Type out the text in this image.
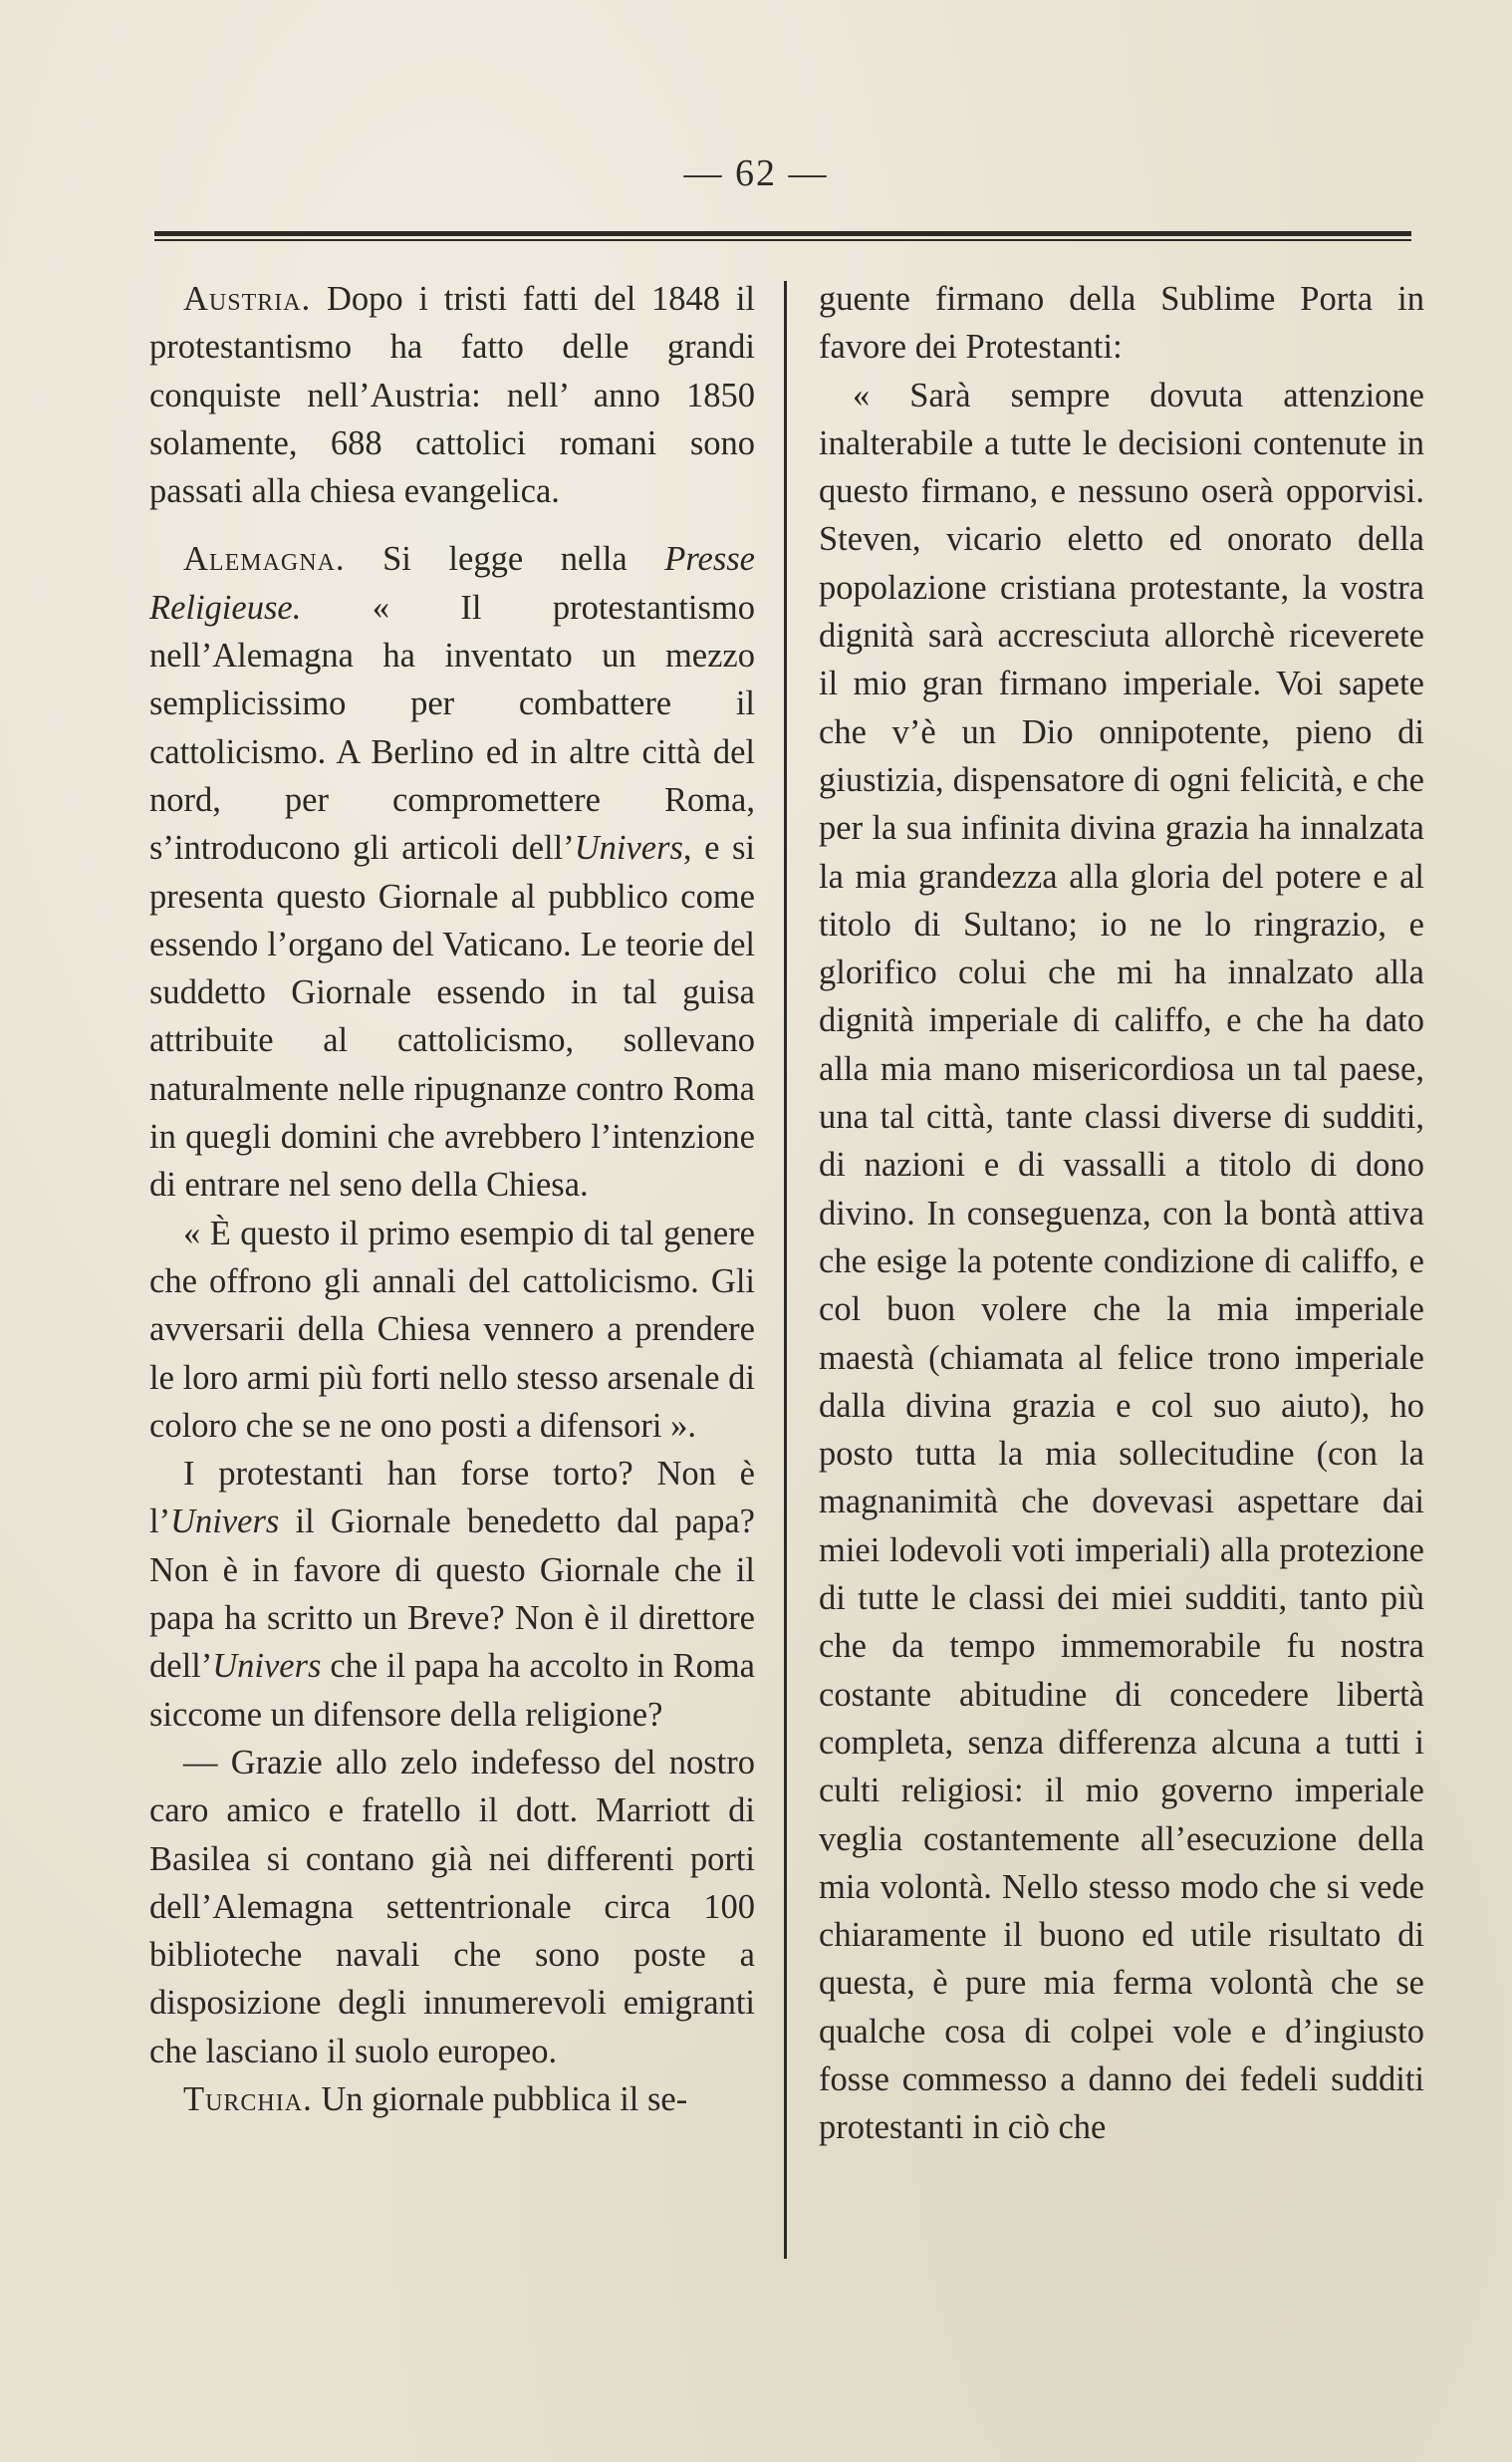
— 62 —

Austria. Dopo i tristi fatti del 1848 il protestantismo ha fatto delle grandi conquiste nell’Austria: nell’ anno 1850 solamente, 688 cattolici romani sono passati alla chiesa evangelica.

Alemagna. Si legge nella Presse Religieuse. « Il protestantismo nell’Alemagna ha inventato un mezzo semplicissimo per combattere il cattolicismo. A Berlino ed in altre città del nord, per compromettere Roma, s’introducono gli articoli dell’Univers, e si presenta questo Giornale al pubblico come essendo l’organo del Vaticano. Le teorie del suddetto Giornale essendo in tal guisa attribuite al cattolicismo, sollevano naturalmente nelle ripugnanze contro Roma in quegli domini che avrebbero l’intenzione di entrare nel seno della Chiesa.

« È questo il primo esempio di tal genere che offrono gli annali del cattolicismo. Gli avversarii della Chiesa vennero a prendere le loro armi più forti nello stesso arsenale di coloro che se ne ono posti a difensori ».

I protestanti han forse torto? Non è l’Univers il Giornale benedetto dal papa? Non è in favore di questo Giornale che il papa ha scritto un Breve? Non è il direttore dell’Univers che il papa ha accolto in Roma siccome un difensore della religione?

— Grazie allo zelo indefesso del nostro caro amico e fratello il dott. Marriott di Basilea si contano già nei differenti porti dell’Alemagna settentrionale circa 100 biblioteche navali che sono poste a disposizione degli innumerevoli emigranti che lasciano il suolo europeo.

Turchia. Un giornale pubblica il se-

guente firmano della Sublime Porta in favore dei Protestanti:

« Sarà sempre dovuta attenzione inalterabile a tutte le decisioni contenute in questo firmano, e nessuno oserà opporvisi. Steven, vicario eletto ed onorato della popolazione cristiana protestante, la vostra dignità sarà accresciuta allorchè riceverete il mio gran firmano imperiale. Voi sapete che v’è un Dio onnipotente, pieno di giustizia, dispensatore di ogni felicità, e che per la sua infinita divina grazia ha innalzata la mia grandezza alla gloria del potere e al titolo di Sultano; io ne lo ringrazio, e glorifico colui che mi ha innalzato alla dignità imperiale di califfo, e che ha dato alla mia mano misericordiosa un tal paese, una tal città, tante classi diverse di sudditi, di nazioni e di vassalli a titolo di dono divino. In conseguenza, con la bontà attiva che esige la potente condizione di califfo, e col buon volere che la mia imperiale maestà (chiamata al felice trono imperiale dalla divina grazia e col suo aiuto), ho posto tutta la mia sollecitudine (con la magnanimità che dovevasi aspettare dai miei lodevoli voti imperiali) alla protezione di tutte le classi dei miei sudditi, tanto più che da tempo immemorabile fu nostra costante abitudine di concedere libertà completa, senza differenza alcuna a tutti i culti religiosi: il mio governo imperiale veglia costantemente all’esecuzione della mia volontà. Nello stesso modo che si vede chiaramente il buono ed utile risultato di questa, è pure mia ferma volontà che se qualche cosa di colpei vole e d’ingiusto fosse commesso a danno dei fedeli sudditi protestanti in ciò che
